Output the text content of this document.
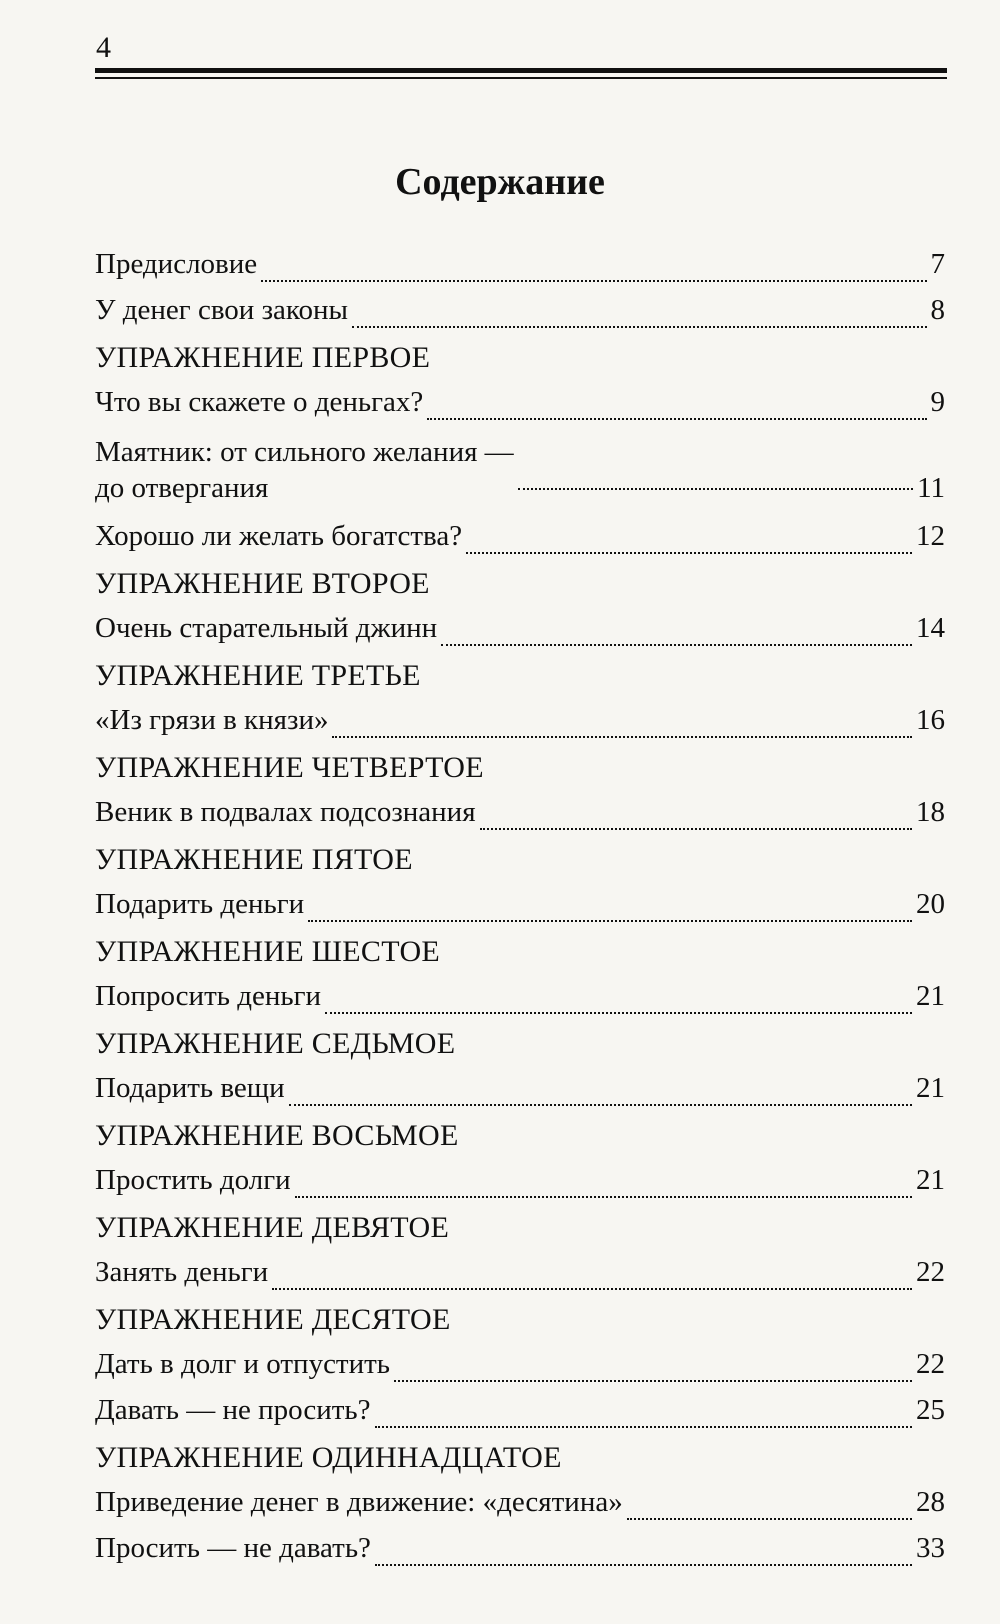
4
Содержание
Предисловие	7
У денег свои законы	8
УПРАЖНЕНИЕ ПЕРВОЕ
Что вы скажете о деньгах?	9
Маятник: от сильного желания —
до отвергания	11
Хорошо ли желать богатства?	12
УПРАЖНЕНИЕ ВТОРОЕ
Очень старательный джинн	14
УПРАЖНЕНИЕ ТРЕТЬЕ
«Из грязи в князи»	16
УПРАЖНЕНИЕ ЧЕТВЕРТОЕ
Веник в подвалах подсознания	18
УПРАЖНЕНИЕ ПЯТОЕ
Подарить деньги	20
УПРАЖНЕНИЕ ШЕСТОЕ
Попросить деньги	21
УПРАЖНЕНИЕ СЕДЬМОЕ
Подарить вещи	21
УПРАЖНЕНИЕ ВОСЬМОЕ
Простить долги	21
УПРАЖНЕНИЕ ДЕВЯТОЕ
Занять деньги	22
УПРАЖНЕНИЕ ДЕСЯТОЕ
Дать в долг и отпустить	22
Давать — не просить?	25
УПРАЖНЕНИЕ ОДИННАДЦАТОЕ
Приведение денег в движение: «десятина»	28
Просить — не давать?	33
